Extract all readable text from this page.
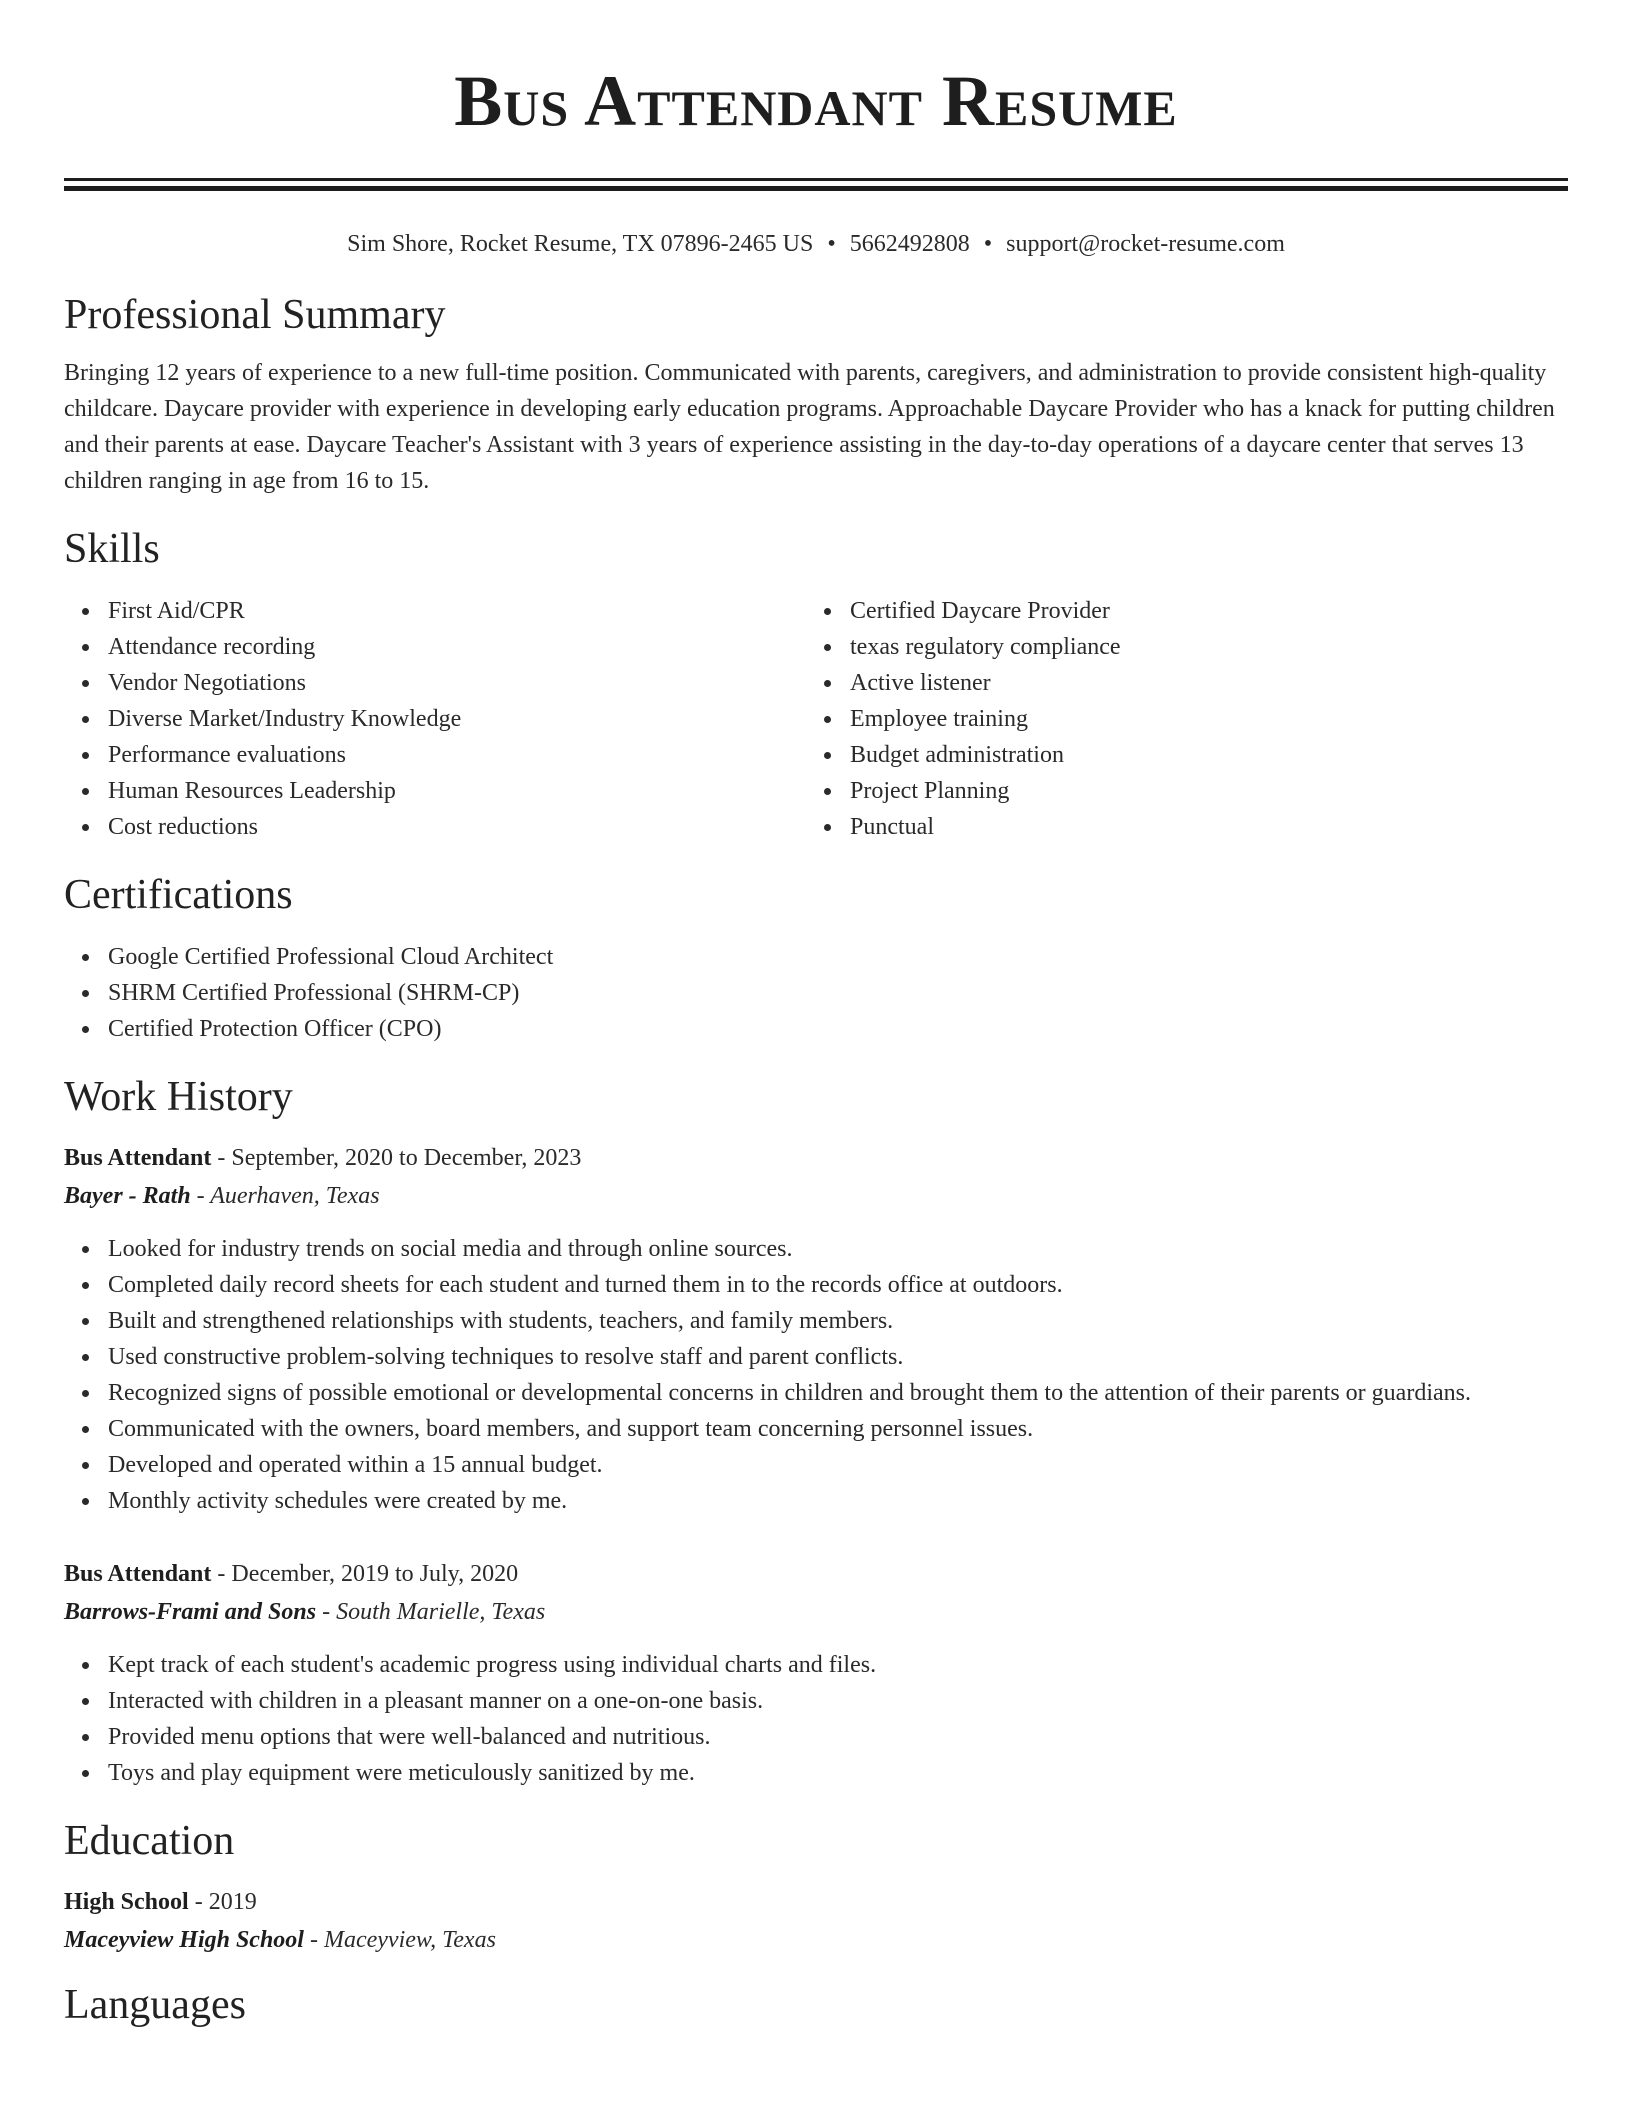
Bus Attendant Resume
Sim Shore, Rocket Resume, TX 07896-2465 US • 5662492808 • support@rocket-resume.com
Professional Summary

Bringing 12 years of experience to a new full-time position. Communicated with parents, caregivers, and administration to provide consistent high-quality childcare. Daycare provider with experience in developing early education programs. Approachable Daycare Provider who has a knack for putting children and their parents at ease. Daycare Teacher's Assistant with 3 years of experience assisting in the day-to-day operations of a daycare center that serves 13 children ranging in age from 16 to 15.

Skills
First Aid/CPR
Attendance recording
Vendor Negotiations
Diverse Market/Industry Knowledge
Performance evaluations
Human Resources Leadership
Cost reductions
Certified Daycare Provider
texas regulatory compliance
Active listener
Employee training
Budget administration
Project Planning
Punctual
Certifications
Google Certified Professional Cloud Architect
SHRM Certified Professional (SHRM-CP)
Certified Protection Officer (CPO)
Work History
Bus Attendant - September, 2020 to December, 2023
Bayer - Rath - Auerhaven, Texas
Looked for industry trends on social media and through online sources.
Completed daily record sheets for each student and turned them in to the records office at outdoors.
Built and strengthened relationships with students, teachers, and family members.
Used constructive problem-solving techniques to resolve staff and parent conflicts.
Recognized signs of possible emotional or developmental concerns in children and brought them to the attention of their parents or guardians.
Communicated with the owners, board members, and support team concerning personnel issues.
Developed and operated within a 15 annual budget.
Monthly activity schedules were created by me.
Bus Attendant - December, 2019 to July, 2020
Barrows-Frami and Sons - South Marielle, Texas
Kept track of each student's academic progress using individual charts and files.
Interacted with children in a pleasant manner on a one-on-one basis.
Provided menu options that were well-balanced and nutritious.
Toys and play equipment were meticulously sanitized by me.
Education
High School - 2019
Maceyview High School - Maceyview, Texas
Languages
